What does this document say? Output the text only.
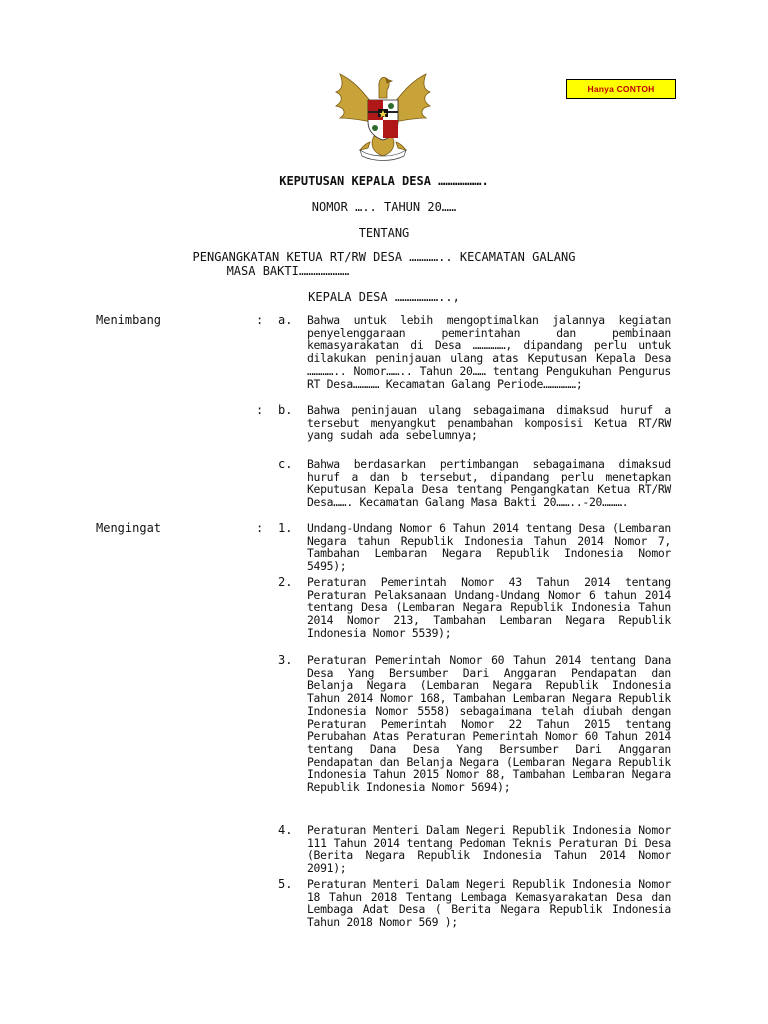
Hanya CONTOH
KEPUTUSAN KEPALA DESA ……………….
NOMOR ….. TAHUN 20……
TENTANG
PENGANGKATAN KETUA RT/RW DESA ………….. KECAMATAN GALANG
MASA BAKTI…………………
KEPALA DESA ………………..,
Menimbang	: a. Bahwa untuk lebih mengoptimalkan jalannya kegiatan penyelenggaraan pemerintahan dan pembinaan kemasyarakatan di Desa ……………, dipandang perlu untuk dilakukan peninjauan ulang atas Keputusan Kepala Desa ………….. Nomor…….. Tahun 20…… tentang Pengukuhan Pengurus RT Desa………… Kecamatan Galang Periode……………;
: b. Bahwa peninjauan ulang sebagaimana dimaksud huruf a tersebut menyangkut penambahan komposisi Ketua RT/RW yang sudah ada sebelumnya;
c. Bahwa berdasarkan pertimbangan sebagaimana dimaksud huruf a dan b tersebut, dipandang perlu menetapkan Keputusan Kepala Desa tentang Pengangkatan Ketua RT/RW Desa……. Kecamatan Galang Masa Bakti 20……..-20……….
Mengingat	: 1. Undang-Undang Nomor 6 Tahun 2014 tentang Desa (Lembaran Negara tahun Republik Indonesia Tahun 2014 Nomor 7, Tambahan Lembaran Negara Republik Indonesia Nomor 5495);
2. Peraturan Pemerintah Nomor 43 Tahun 2014 tentang Peraturan Pelaksanaan Undang-Undang Nomor 6 tahun 2014 tentang Desa (Lembaran Negara Republik Indonesia Tahun 2014 Nomor 213, Tambahan Lembaran Negara Republik Indonesia Nomor 5539);
3. Peraturan Pemerintah Nomor 60 Tahun 2014 tentang Dana Desa Yang Bersumber Dari Anggaran Pendapatan dan Belanja Negara (Lembaran Negara Republik Indonesia Tahun 2014 Nomor 168, Tambahan Lembaran Negara Republik Indonesia Nomor 5558) sebagaimana telah diubah dengan Peraturan Pemerintah Nomor 22 Tahun 2015 tentang Perubahan Atas Peraturan Pemerintah Nomor 60 Tahun 2014 tentang Dana Desa Yang Bersumber Dari Anggaran Pendapatan dan Belanja Negara (Lembaran Negara Republik Indonesia Tahun 2015 Nomor 88, Tambahan Lembaran Negara Republik Indonesia Nomor 5694);
4. Peraturan Menteri Dalam Negeri Republik Indonesia Nomor 111 Tahun 2014 tentang Pedoman Teknis Peraturan Di Desa (Berita Negara Republik Indonesia Tahun 2014 Nomor 2091);
5. Peraturan Menteri Dalam Negeri Republik Indonesia Nomor 18 Tahun 2018 Tentang Lembaga Kemasyarakatan Desa dan Lembaga Adat Desa ( Berita Negara Republik Indonesia Tahun 2018 Nomor 569 );
